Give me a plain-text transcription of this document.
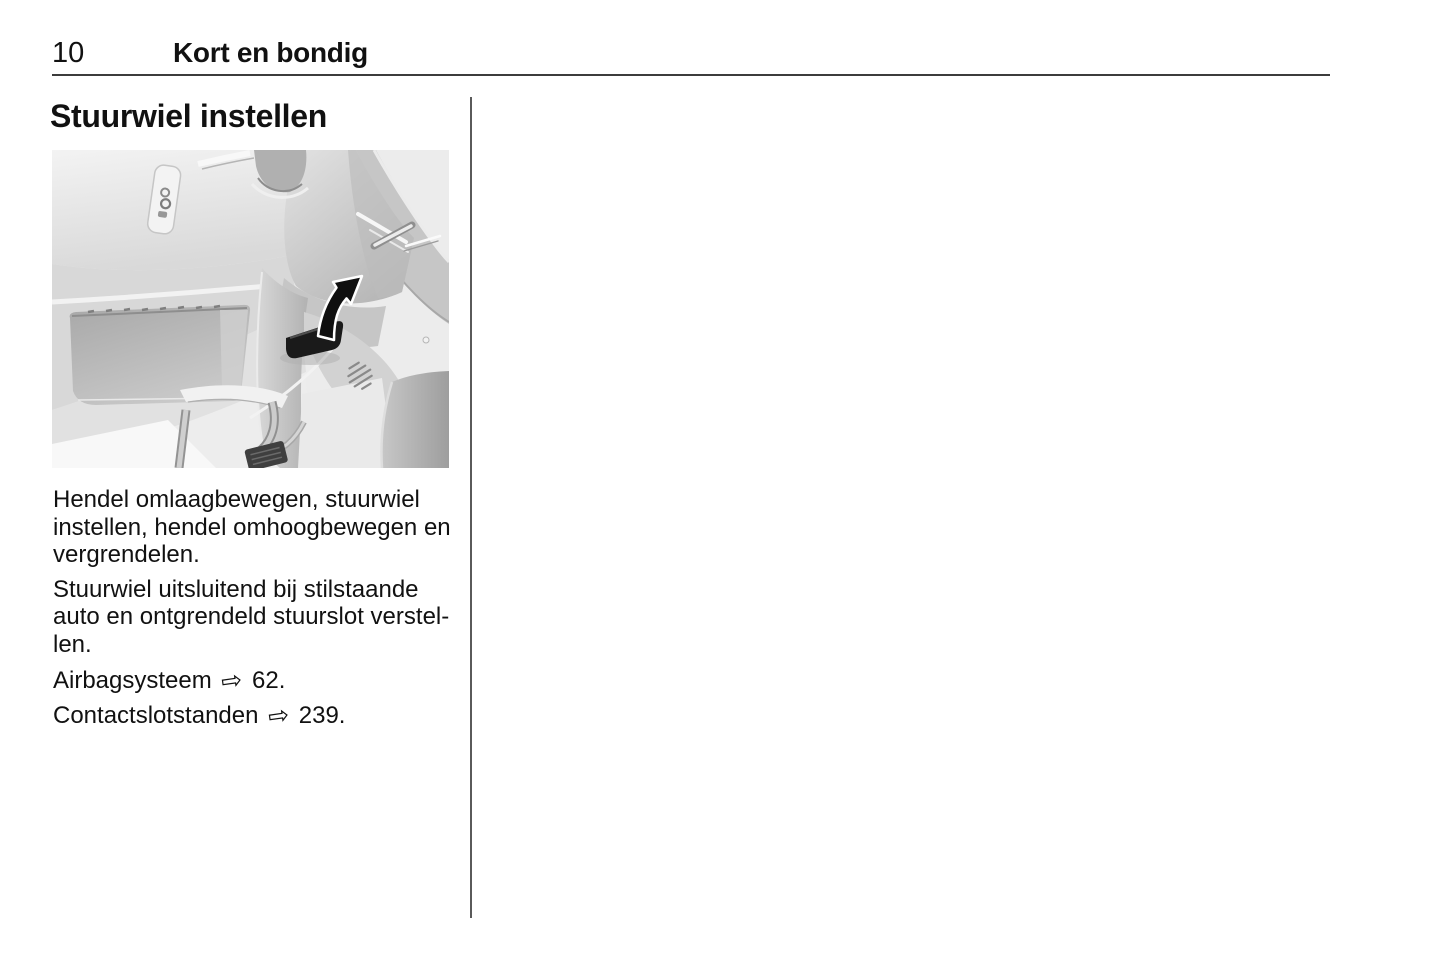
10	Kort en bondig
Stuurwiel instellen

Hendel omlaagbewegen, stuurwiel
instellen, hendel omhoogbewegen en
vergrendelen.

Stuurwiel uitsluitend bij stilstaande
auto en ontgrendeld stuurslot verstel-
len.

Airbagsysteem ⇨ 62.

Contactslotstanden ⇨ 239.
